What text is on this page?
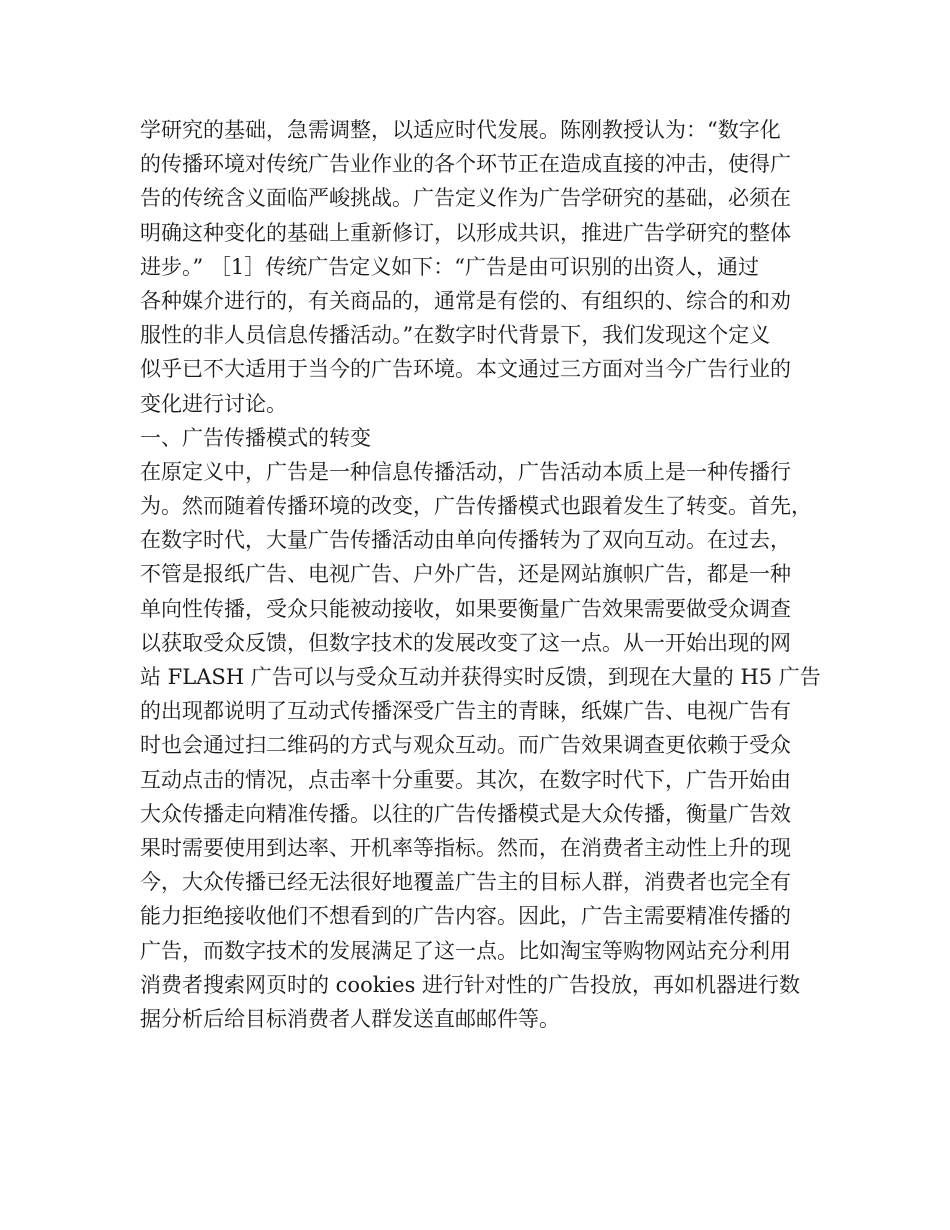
学研究的基础，急需调整，以适应时代发展。陈刚教授认为：“数字化
的传播环境对传统广告业作业的各个环节正在造成直接的冲击，使得广
告的传统含义面临严峻挑战。广告定义作为广告学研究的基础，必须在
明确这种变化的基础上重新修订，以形成共识，推进广告学研究的整体
进步。” ［1］传统广告定义如下：“广告是由可识别的出资人，通过
各种媒介进行的，有关商品的，通常是有偿的、有组织的、综合的和劝
服性的非人员信息传播活动。”在数字时代背景下，我们发现这个定义
似乎已不大适用于当今的广告环境。本文通过三方面对当今广告行业的
变化进行讨论。
一、广告传播模式的转变
在原定义中，广告是一种信息传播活动，广告活动本质上是一种传播行
为。然而随着传播环境的改变，广告传播模式也跟着发生了转变。首先，
在数字时代，大量广告传播活动由单向传播转为了双向互动。在过去，
不管是报纸广告、电视广告、户外广告，还是网站旗帜广告，都是一种
单向性传播，受众只能被动接收，如果要衡量广告效果需要做受众调查
以获取受众反馈，但数字技术的发展改变了这一点。从一开始出现的网
站 FLASH 广告可以与受众互动并获得实时反馈，到现在大量的 H5 广告
的出现都说明了互动式传播深受广告主的青睐，纸媒广告、电视广告有
时也会通过扫二维码的方式与观众互动。而广告效果调查更依赖于受众
互动点击的情况，点击率十分重要。其次，在数字时代下，广告开始由
大众传播走向精准传播。以往的广告传播模式是大众传播，衡量广告效
果时需要使用到达率、开机率等指标。然而，在消费者主动性上升的现
今，大众传播已经无法很好地覆盖广告主的目标人群，消费者也完全有
能力拒绝接收他们不想看到的广告内容。因此，广告主需要精准传播的
广告，而数字技术的发展满足了这一点。比如淘宝等购物网站充分利用
消费者搜索网页时的 cookies 进行针对性的广告投放，再如机器进行数
据分析后给目标消费者人群发送直邮邮件等。
